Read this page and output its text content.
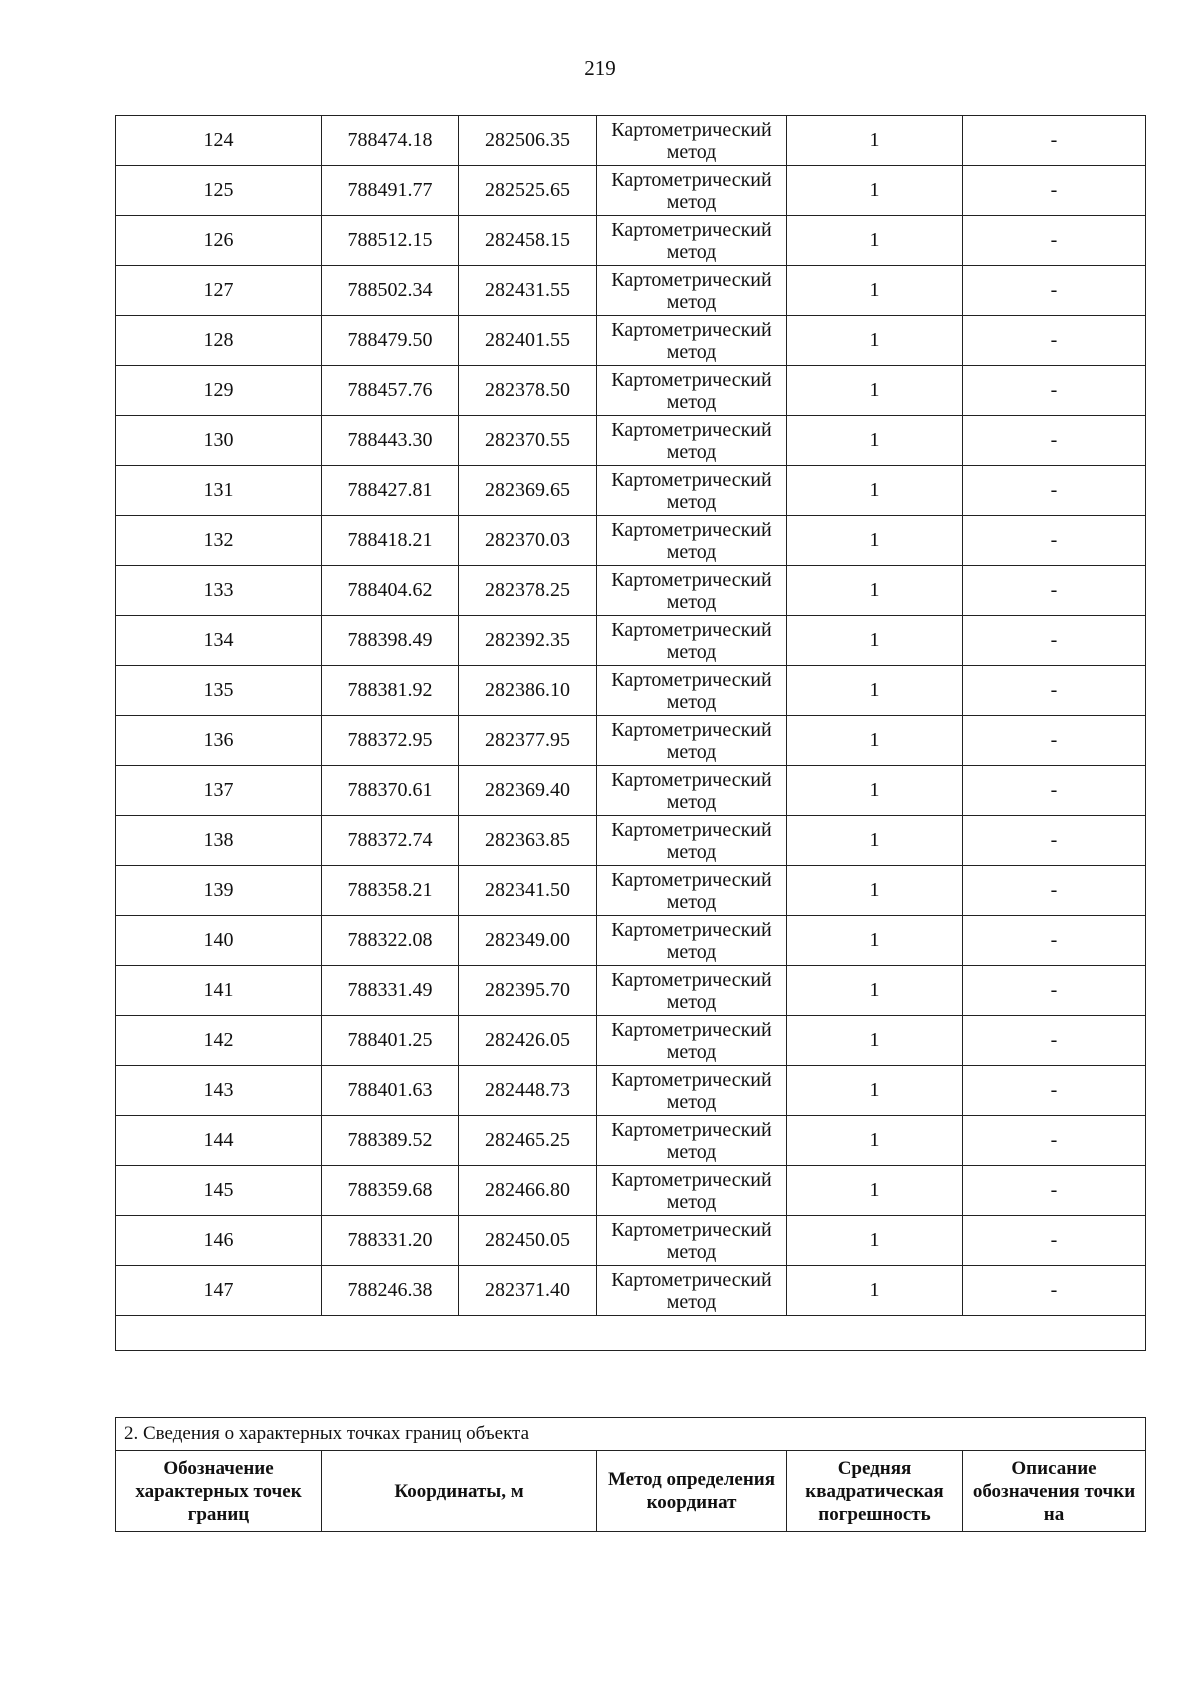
219
124	788474.18	282506.35	Картометрический метод	1	-
125	788491.77	282525.65	Картометрический метод	1	-
126	788512.15	282458.15	Картометрический метод	1	-
127	788502.34	282431.55	Картометрический метод	1	-
128	788479.50	282401.55	Картометрический метод	1	-
129	788457.76	282378.50	Картометрический метод	1	-
130	788443.30	282370.55	Картометрический метод	1	-
131	788427.81	282369.65	Картометрический метод	1	-
132	788418.21	282370.03	Картометрический метод	1	-
133	788404.62	282378.25	Картометрический метод	1	-
134	788398.49	282392.35	Картометрический метод	1	-
135	788381.92	282386.10	Картометрический метод	1	-
136	788372.95	282377.95	Картометрический метод	1	-
137	788370.61	282369.40	Картометрический метод	1	-
138	788372.74	282363.85	Картометрический метод	1	-
139	788358.21	282341.50	Картометрический метод	1	-
140	788322.08	282349.00	Картометрический метод	1	-
141	788331.49	282395.70	Картометрический метод	1	-
142	788401.25	282426.05	Картометрический метод	1	-
143	788401.63	282448.73	Картометрический метод	1	-
144	788389.52	282465.25	Картометрический метод	1	-
145	788359.68	282466.80	Картометрический метод	1	-
146	788331.20	282450.05	Картометрический метод	1	-
147	788246.38	282371.40	Картометрический метод	1	-

2. Сведения о характерных точках границ объекта
Обозначение характерных точек границ	Координаты, м	Метод определения координат	Средняя квадратическая погрешность	Описание обозначения точки на
